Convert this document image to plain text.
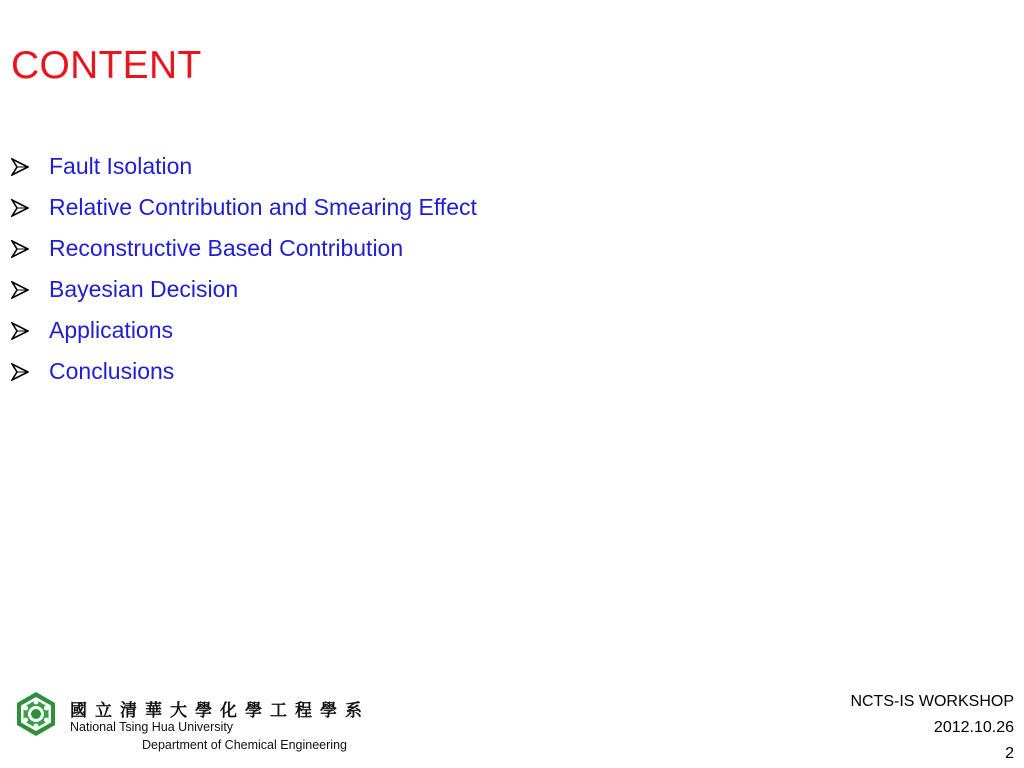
CONTENT
Fault Isolation
Relative Contribution and Smearing Effect
Reconstructive Based Contribution
Bayesian Decision
Applications
Conclusions
國立清華大學化學工程學系
National Tsing Hua University
Department of Chemical Engineering
NCTS-IS WORKSHOP
2012.10.26
2
